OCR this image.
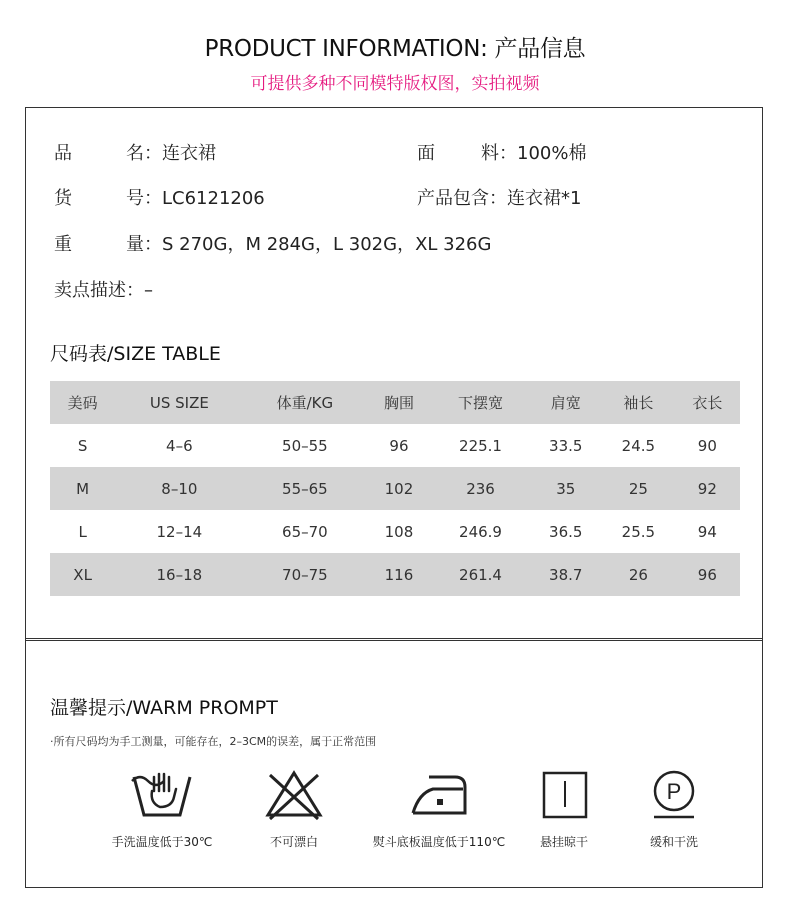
PRODUCT INFORMATION: 产品信息
可提供多种不同模特版权图，实拍视频
品	名 ：连衣裙	面	料 ：100%棉
货	号 ：LC6121206	产品包含：连衣裙*1
重	量 ：S 270G，M 284G，L 302G，XL 326G
卖点描述：–
尺码表/SIZE TABLE
美码	US SIZE	体重/KG	胸围	下摆宽	肩宽	袖长	衣长
S	4–6	50–55	96	225.1	33.5	24.5	90
M	8–10	55–65	102	236	35	25	92
L	12–14	65–70	108	246.9	36.5	25.5	94
XL	16–18	70–75	116	261.4	38.7	26	96
温馨提示/WARM PROMPT
·所有尺码均为手工测量，可能存在，2–3CM的误差，属于正常范围
手洗温度低于30℃	不可漂白	熨斗底板温度低于110℃	悬挂晾干
P
缓和干洗
